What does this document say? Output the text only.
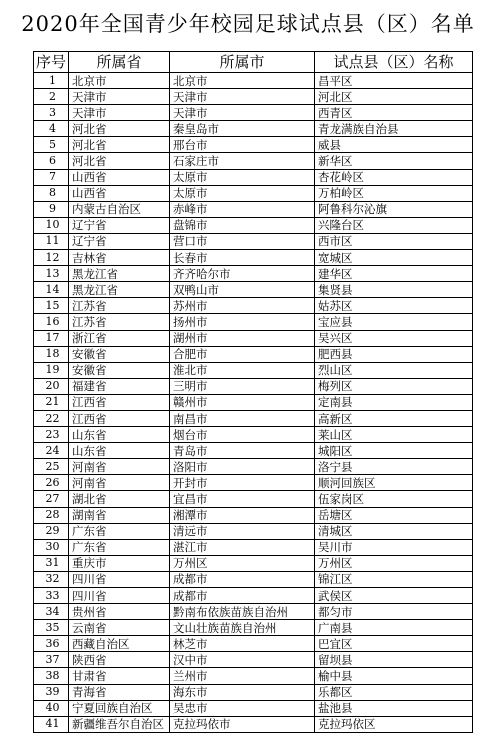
2020年全国青少年校园足球试点县（区）名单
序号	所属省	所属市	试点县（区）名称
1	北京市	北京市	昌平区
2	天津市	天津市	河北区
3	天津市	天津市	西青区
4	河北省	秦皇岛市	青龙满族自治县
5	河北省	邢台市	威县
6	河北省	石家庄市	新华区
7	山西省	太原市	杏花岭区
8	山西省	太原市	万柏岭区
9	内蒙古自治区	赤峰市	阿鲁科尔沁旗
10	辽宁省	盘锦市	兴隆台区
11	辽宁省	营口市	西市区
12	吉林省	长春市	宽城区
13	黑龙江省	齐齐哈尔市	建华区
14	黑龙江省	双鸭山市	集贤县
15	江苏省	苏州市	姑苏区
16	江苏省	扬州市	宝应县
17	浙江省	湖州市	吴兴区
18	安徽省	合肥市	肥西县
19	安徽省	淮北市	烈山区
20	福建省	三明市	梅列区
21	江西省	赣州市	定南县
22	江西省	南昌市	高新区
23	山东省	烟台市	莱山区
24	山东省	青岛市	城阳区
25	河南省	洛阳市	洛宁县
26	河南省	开封市	顺河回族区
27	湖北省	宜昌市	伍家岗区
28	湖南省	湘潭市	岳塘区
29	广东省	清远市	清城区
30	广东省	湛江市	吴川市
31	重庆市	万州区	万州区
32	四川省	成都市	锦江区
33	四川省	成都市	武侯区
34	贵州省	黔南布依族苗族自治州	都匀市
35	云南省	文山壮族苗族自治州	广南县
36	西藏自治区	林芝市	巴宜区
37	陕西省	汉中市	留坝县
38	甘肃省	兰州市	榆中县
39	青海省	海东市	乐都区
40	宁夏回族自治区	吴忠市	盐池县
41	新疆维吾尔自治区	克拉玛依市	克拉玛依区
